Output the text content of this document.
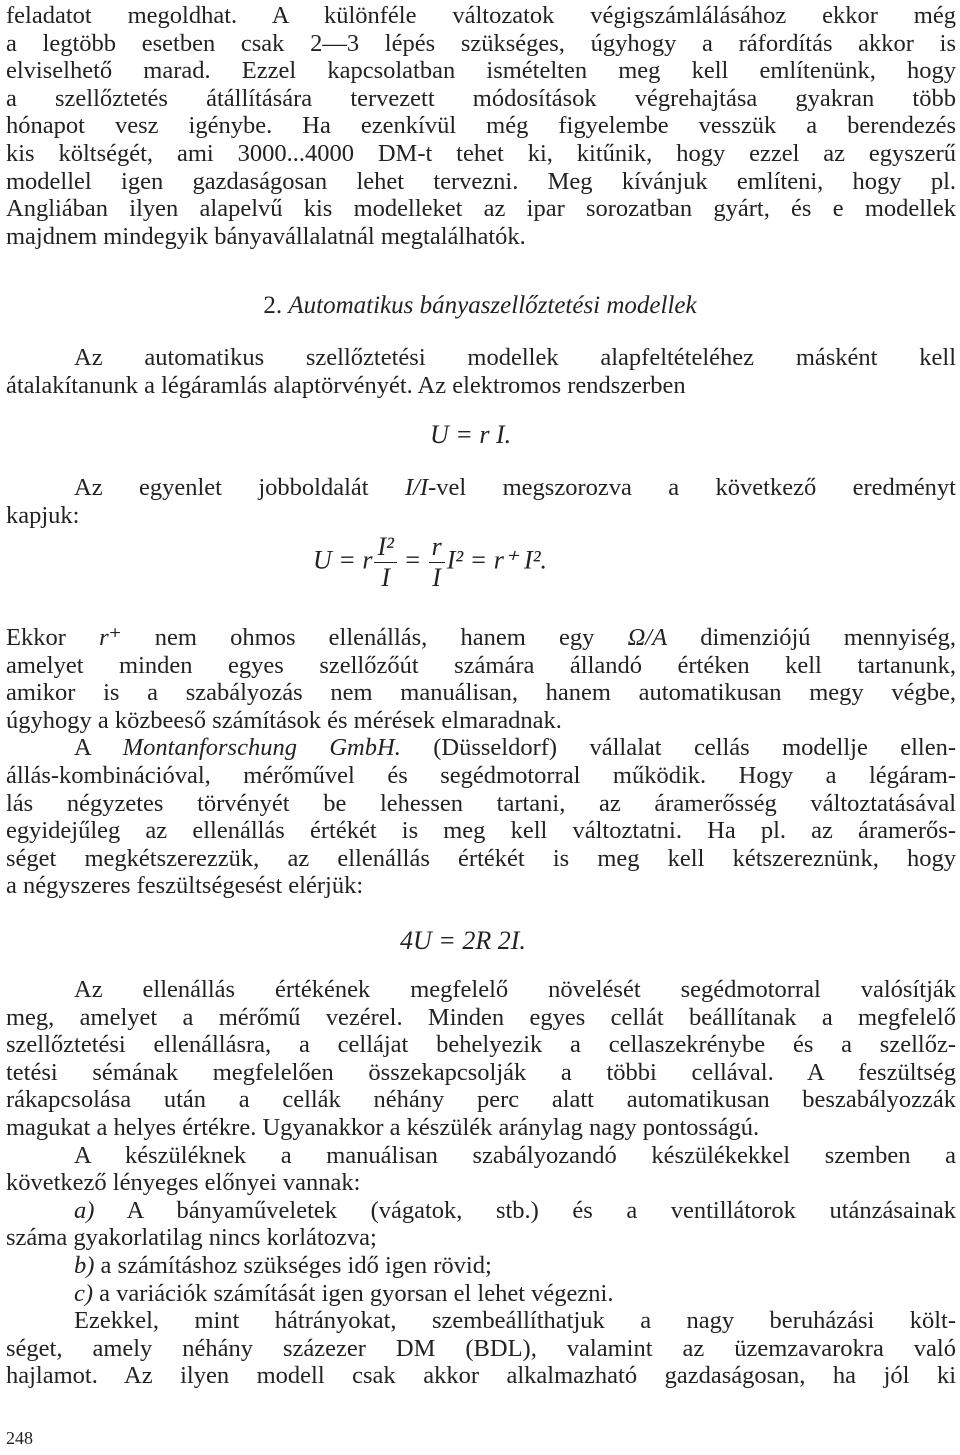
feladatot megoldhat. A különféle változatok végigszámlálásához ekkor még
a legtöbb esetben csak 2—3 lépés szükséges, úgyhogy a ráfordítás akkor is
elviselhető marad. Ezzel kapcsolatban ismételten meg kell említenünk, hogy
a szellőztetés átállítására tervezett módosítások végrehajtása gyakran több
hónapot vesz igénybe. Ha ezenkívül még figyelembe vesszük a berendezés
kis költségét, ami 3000...4000 DM-t tehet ki, kitűnik, hogy ezzel az egyszerű
modellel igen gazdaságosan lehet tervezni. Meg kívánjuk említeni, hogy pl.
Angliában ilyen alapelvű kis modelleket az ipar sorozatban gyárt, és e modellek
majdnem mindegyik bányavállalatnál megtalálhatók.
2. Automatikus bányaszellőztetési modellek
Az automatikus szellőztetési modellek alapfeltételéhez másként kell
átalakítanunk a légáramlás alaptörvényét. Az elektromos rendszerben
U = r I.
Az egyenlet jobboldalát I/I-vel megszorozva a következő eredményt
kapjuk:
U = r $\frac{\text{I²}}{I} = \frac{r}{I} I^2 = r^+$ I².
Ekkor r⁺ nem ohmos ellenállás, hanem egy Ω/A dimenziójú mennyiség,
amelyet minden egyes szellőzőút számára állandó értéken kell tartanunk,
amikor is a szabályozás nem manuálisan, hanem automatikusan megy végbe,
úgyhogy a közbeeső számítások és mérések elmaradnak.
A Montanforschung GmbH. (Düsseldorf) vállalat cellás modellje ellen-
állás-kombinációval, mérőművel és segédmotorral működik. Hogy a légáram-
lás négyzetes törvényét be lehessen tartani, az áramerősség változtatásával
egyidejűleg az ellenállás értékét is meg kell változtatni. Ha pl. az áramerős-
séget megkétszerezzük, az ellenállás értékét is meg kell kétszereznünk, hogy
a négyszeres feszültségesést elérjük:
4U = 2R 2I.
Az ellenállás értékének megfelelő növelését segédmotorral valósítják
meg, amelyet a mérőmű vezérel. Minden egyes cellát beállítanak a megfelelő
szellőztetési ellenállásra, a cellájat behelyezik a cellaszekrénybe és a szellőz-
tetési sémának megfelelően összekapcsolják a többi cellával. A feszültség
rákapcsolása után a cellák néhány perc alatt automatikusan beszabályozzák
magukat a helyes értékre. Ugyanakkor a készülék aránylag nagy pontosságú.
A készüléknek a manuálisan szabályozandó készülékekkel szemben a
következő lényeges előnyei vannak:
a) A bányaműveletek (vágatok, stb.) és a ventillátorok utánzásainak
száma gyakorlatilag nincs korlátozva;
b) a számításhoz szükséges idő igen rövid;
c) a variációk számítását igen gyorsan el lehet végezni.
Ezekkel, mint hátrányokat, szembeállíthatjuk a nagy beruházási költ-
séget, amely néhány százezer DM (BDL), valamint az üzemzavarokra való
hajlamot. Az ilyen modell csak akkor alkalmazható gazdaságosan, ha jól ki
248
